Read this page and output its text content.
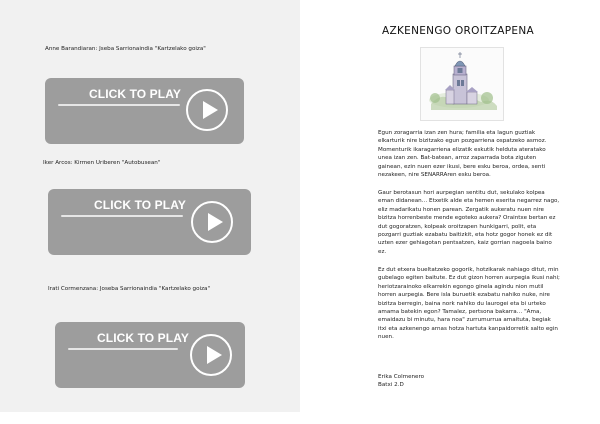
Anne Barandiaran: Jseba Sarrionaindia "Kartzelako goiza"
CLICK TO PLAY
Iker Arcos: Kirmen Uriberen "Autobusean"
CLICK TO PLAY
Irati Cormenzana: Joseba Sarrionaindia "Kartzelako goiza"
CLICK TO PLAY
AZKENENGO OROITZAPENA

Egun zoragarria izan zen hura; familia eta lagun guztiak elkarturik nire bizitzako egun pozgarriena ospatzeko asmoz. Momenturik ikaragarriena elizatik eskutik helduta ateratako unea izan zen. Bat-batean, arroz zaparrada bota ziguten gainean, ezin nuen ezer ikusi, bere esku beroa, ordea, senti nezakeen, nire SENARRAren esku beroa.

Gaur berotasun hori aurpegian sentitu dut, sekulako kolpea eman didanean… Etxetik alde eta hemen eserita negarrez nago, eliz madarikatu honen parean. Zergatik aukeratu nuen nire bizitza horrenbeste mende egoteko aukera? Oraintxe bertan ez dut gogoratzen, kolpeak oroitzapen hunkigarri, polit, eta pozgarri guztiak ezabatu baitizkit, eta hotz gogor honek ez dit uzten ezer gehiagotan pentsatzen, kaiz gorrian nagoela baino ez.

Ez dut etxera bueltatzeko gogorik, hotzikarak nahiago ditut, min gubelago egiten baitute. Ez dut gizon horren aurpegia ikusi nahi; heriotzarainoko elkarrekin egongo ginela agindu nion mutil horren aurpegia. Bere isla buruetik ezabatu nahiko nuke, nire bizitza berregin, baina nork nahiko du laurogei eta bi urteko amama batekin egon? Tamalez, pertsona bakarra… "Ama, emaidazu bi minutu, hara noa" zurrumurrua amaituta, begiak itxi eta azkenengo arnas hotza hartuta kanpaidorretik salto egin nuen.

Erika Colmenero
Batxi 2.D
